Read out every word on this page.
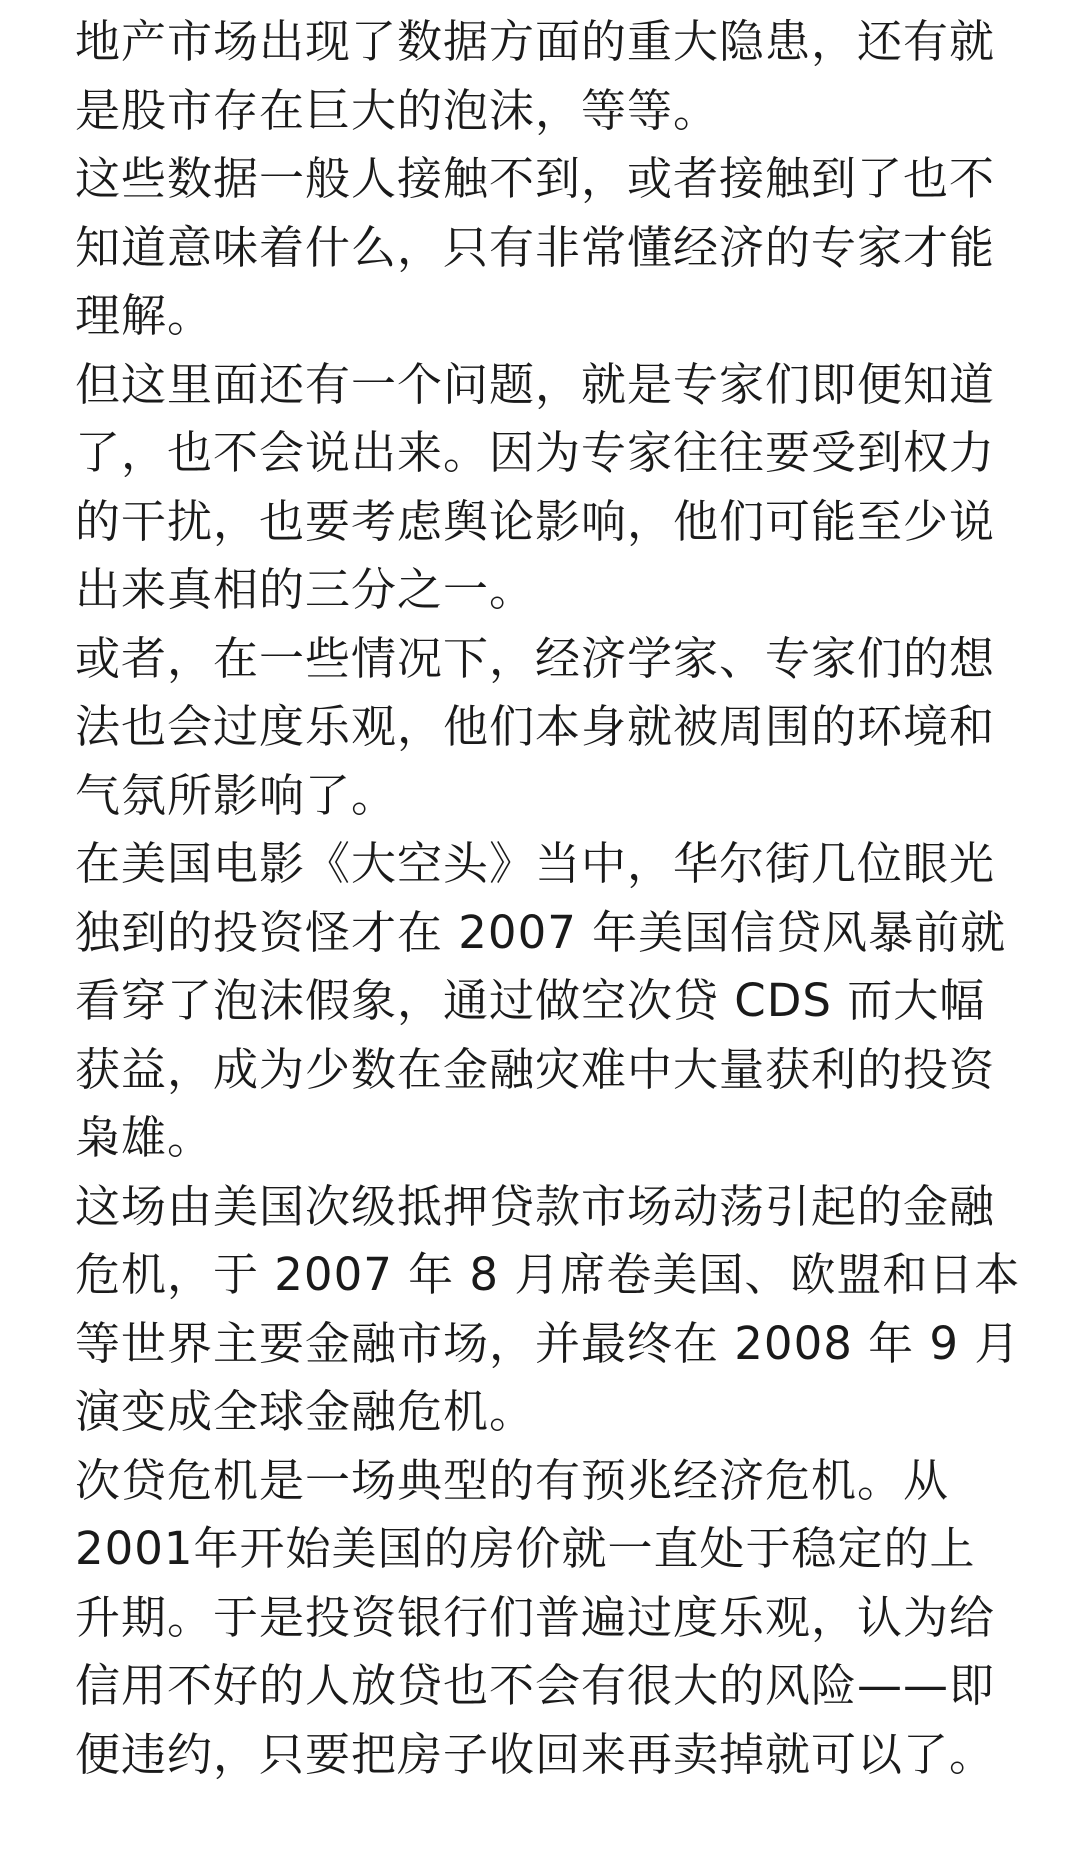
地产市场出现了数据方面的重大隐患，还有就
是股市存在巨大的泡沫，等等。
这些数据一般人接触不到，或者接触到了也不
知道意味着什么，只有非常懂经济的专家才能
理解。
但这里面还有一个问题，就是专家们即便知道
了，也不会说出来。因为专家往往要受到权力
的干扰，也要考虑舆论影响，他们可能至少说
出来真相的三分之一。
或者，在一些情况下，经济学家、专家们的想
法也会过度乐观，他们本身就被周围的环境和
气氛所影响了。
在美国电影《大空头》当中，华尔街几位眼光
独到的投资怪才在 2007 年美国信贷风暴前就
看穿了泡沫假象，通过做空次贷 CDS 而大幅
获益，成为少数在金融灾难中大量获利的投资
枭雄。
这场由美国次级抵押贷款市场动荡引起的金融
危机，于 2007 年 8 月席卷美国、欧盟和日本
等世界主要金融市场，并最终在 2008 年 9 月
演变成全球金融危机。
次贷危机是一场典型的有预兆经济危机。从
2001年开始美国的房价就一直处于稳定的上
升期。于是投资银行们普遍过度乐观，认为给
信用不好的人放贷也不会有很大的风险——即
便违约，只要把房子收回来再卖掉就可以了。
